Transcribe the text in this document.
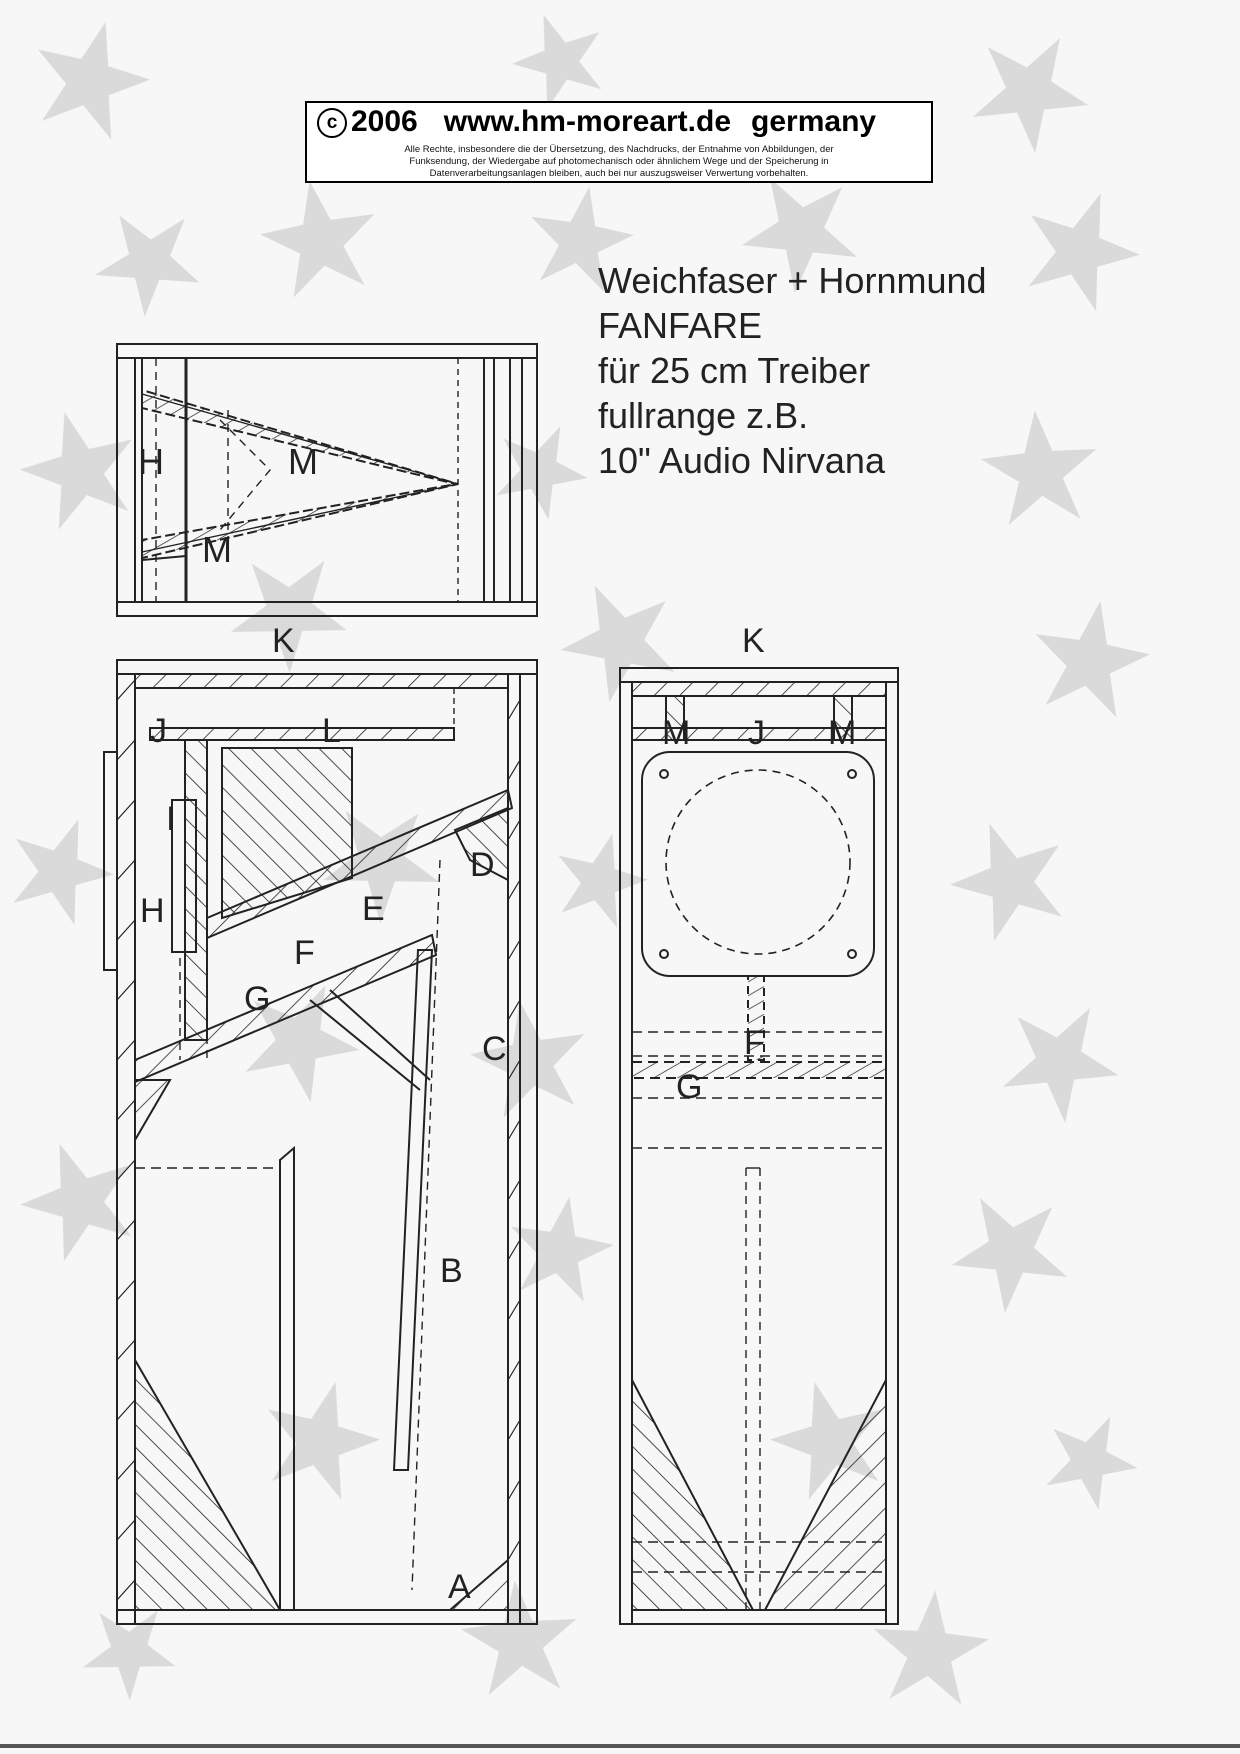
c 2006 www.hm-moreart.de germany
Alle Rechte, insbesondere die der Übersetzung, des Nachdrucks, der Entnahme von Abbildungen, der
Funksendung, der Wiedergabe auf photomechanisch oder ähnlichem Wege und der Speicherung in
Datenverarbeitungsanlagen bleiben, auch bei nur auszugsweiser Verwertung vorbehalten.
Weichfaser + Hornmund
FANFARE
für 25 cm Treiber
fullrange z.B.
10" Audio Nirvana
H	M
M
K
J	L
I
H
D
E
F
G
C
B
A
K
M J M
F
G
